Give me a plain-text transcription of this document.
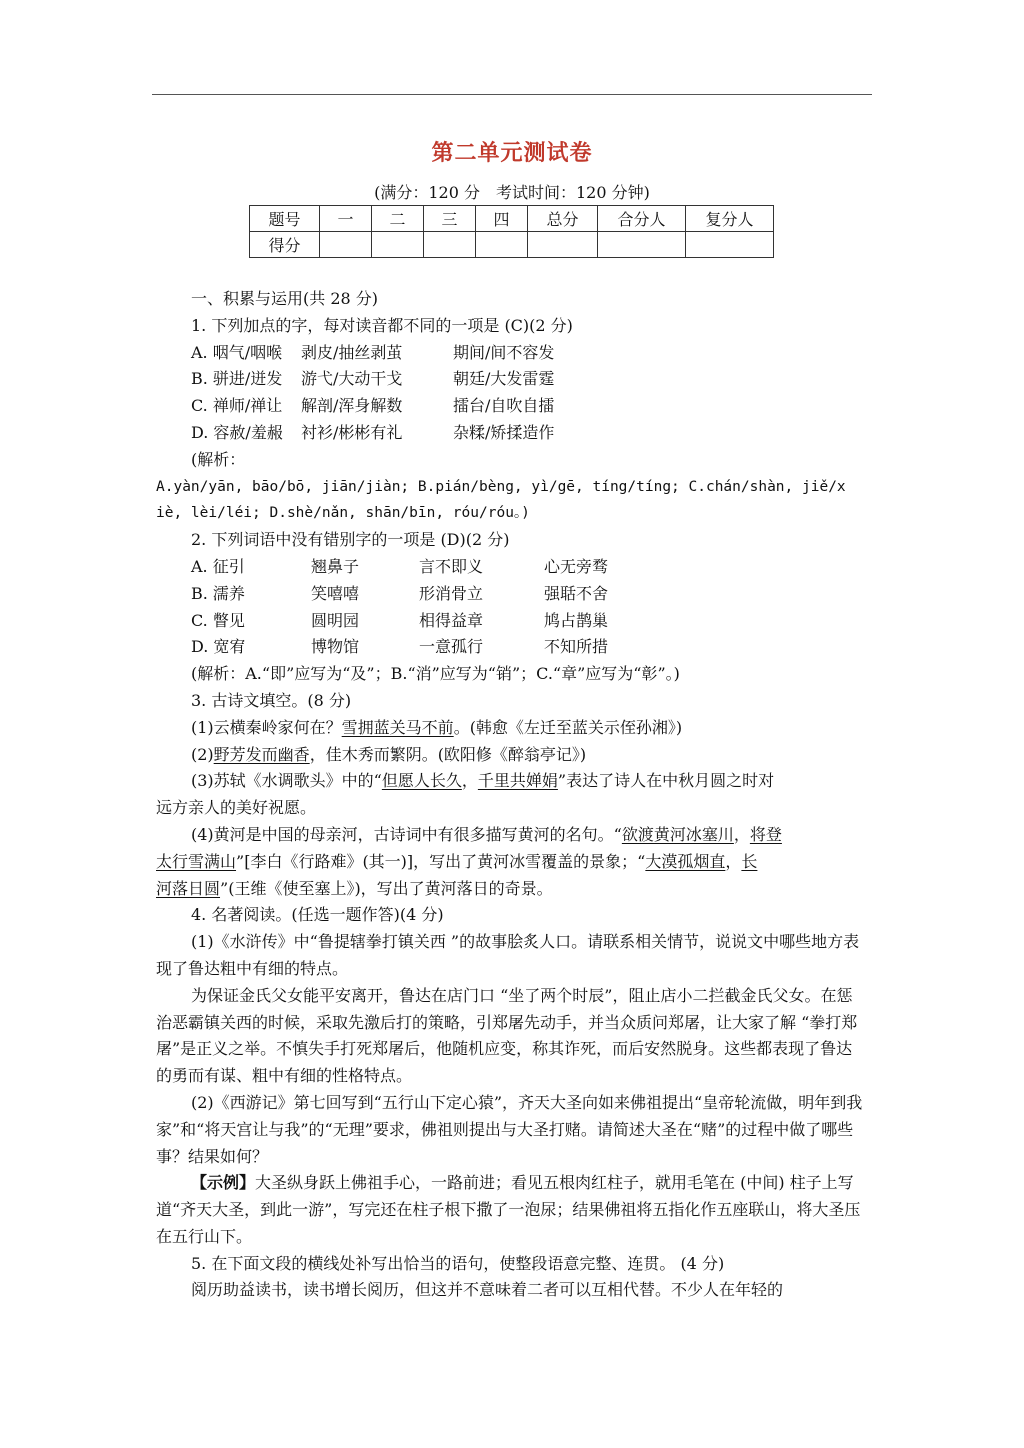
第二单元测试卷
(满分：120 分　考试时间：120 分钟)
题号	一	二	三	四	总分	合分人	复分人
得分							

一、积累与运用(共 28 分)

1. 下列加点的字，每对读音都不同的一项是 (C)(2 分)

A. 咽气/咽喉 剥皮/抽丝剥茧	期间/间不容发

B. 骈进/迸发 游弋/大动干戈	朝廷/大发雷霆

C. 禅师/禅让 解剖/浑身解数	擂台/自吹自擂

D. 容赦/羞赧 衬衫/彬彬有礼	杂糅/矫揉造作

(解析：

A.yàn/yān, bāo/bō, jiān/jiàn; B.pián/bèng, yì/gē, tíng/tíng; C.chán/shàn, jiě/x

iè, lèi/léi; D.shè/nǎn, shān/bīn, róu/róu。)

2. 下列词语中没有错别字的一项是 (D)(2 分)

A. 征引	翘鼻子	言不即义	心无旁骛

B. 濡养	笑嘻嘻	形消骨立	强聒不舍

C. 瞥见	圆明园	相得益章	鸠占鹊巢

D. 宽宥	博物馆	一意孤行	不知所措

(解析：A.“即”应写为“及”；B.“消”应写为“销”；C.“章”应写为“彰”。)

3. 古诗文填空。(8 分)

(1)云横秦岭家何在？雪拥蓝关马不前。(韩愈《左迁至蓝关示侄孙湘》)

(2)野芳发而幽香，佳木秀而繁阴。(欧阳修《醉翁亭记》)

(3)苏轼《水调歌头》中的“但愿人长久，千里共婵娟”表达了诗人在中秋月圆之时对

远方亲人的美好祝愿。

(4)黄河是中国的母亲河，古诗词中有很多描写黄河的名句。“欲渡黄河冰塞川，将登
太行雪满山”[李白《行路难》(其一)]，写出了黄河冰雪覆盖的景象；“大漠孤烟直，长
河落日圆”(王维《使至塞上》)，写出了黄河落日的奇景。

4. 名著阅读。(任选一题作答)(4 分)

(1)《水浒传》中“鲁提辖拳打镇关西 ”的故事脍炙人口。请联系相关情节，说说文中哪些地方表现了鲁达粗中有细的特点。

为保证金氏父女能平安离开，鲁达在店门口 “坐了两个时辰”，阻止店小二拦截金氏父女。在惩治恶霸镇关西的时候，采取先激后打的策略，引郑屠先动手，并当众质问郑屠，让大家了解 “拳打郑屠”是正义之举。不慎失手打死郑屠后，他随机应变，称其诈死，而后安然脱身。这些都表现了鲁达的勇而有谋、粗中有细的性格特点。

(2)《西游记》第七回写到“五行山下定心猿”，齐天大圣向如来佛祖提出“皇帝轮流做，明年到我家”和“将天宫让与我”的“无理”要求，佛祖则提出与大圣打赌。请简述大圣在“赌”的过程中做了哪些事？结果如何？

【示例】大圣纵身跃上佛祖手心，一路前进；看见五根肉红柱子，就用毛笔在 (中间) 柱子上写道“齐天大圣，到此一游”，写完还在柱子根下撒了一泡尿；结果佛祖将五指化作五座联山，将大圣压在五行山下。

5. 在下面文段的横线处补写出恰当的语句，使整段语意完整、连贯。 (4 分)

阅历助益读书，读书增长阅历，但这并不意味着二者可以互相代替。不少人在年轻的
